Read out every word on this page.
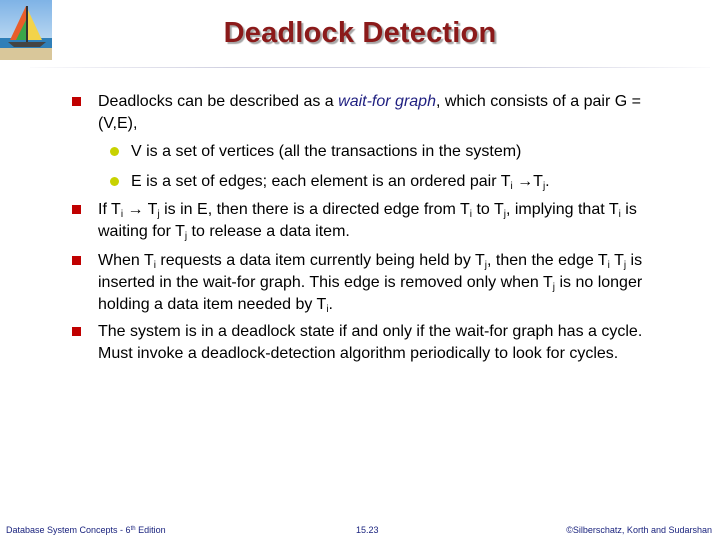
Deadlock Detection
Deadlocks can be described as a wait-for graph, which consists of a pair G = (V,E),
V is a set of vertices (all the transactions in the system)
E is a set of edges; each element is an ordered pair $T_i \to T_j$.
If $T_i \to T_j$ is in E, then there is a directed edge from $T_i$ to $T_j$, implying that $T_i$ is waiting for $T_j$ to release a data item.
When $T_i$ requests a data item currently being held by $T_j$, then the edge $T_i$ $T_j$ is inserted in the wait-for graph. This edge is removed only when $T_j$ is no longer holding a data item needed by $T_i$.
The system is in a deadlock state if and only if the wait-for graph has a cycle. Must invoke a deadlock-detection algorithm periodically to look for cycles.
Database System Concepts - 6th Edition	15.23	©Silberschatz, Korth and Sudarshan
